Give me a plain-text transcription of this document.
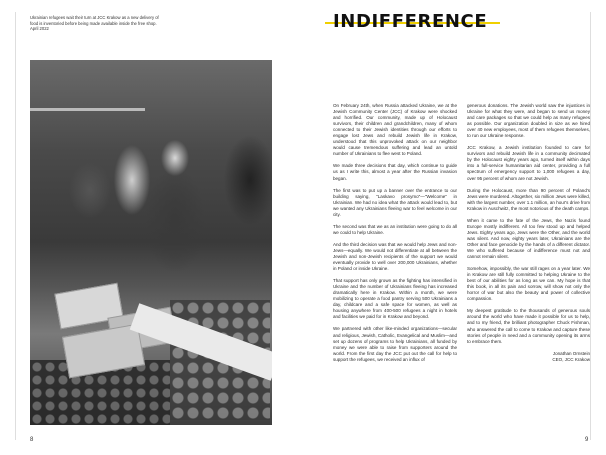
Ukrainian refugees wait their turn at JCC Krakow as a new delivery of food is inventoried before being made available inside the free shop. April 2022
8
INDIFFERENCE

On February 24th, when Russia attacked Ukraine, we at the Jewish Community Center (JCC) of Krakow were shocked and horrified. Our community, made up of Holocaust survivors, their children and grandchildren, many of whom connected to their Jewish identities through our efforts to engage lost Jews and rebuild Jewish life in Krakow, understood that this unprovoked attack on our neighbor would cause tremendous suffering and lead an untold number of Ukrainians to flee west to Poland.

We made three decisions that day, which continue to guide us as I write this, almost a year after the Russian invasion began.

The first was to put up a banner over the entrance to our building saying, "Laskavo prosymo"—"Welcome" in Ukrainian. We had no idea what the attack would lead to, but we wanted any Ukrainians fleeing war to feel welcome in our city.

The second was that we as an institution were going to do all we could to help Ukraine.

And the third decision was that we would help Jews and non-Jews—equally. We would not differentiate at all between the Jewish and non-Jewish recipients of the support we would eventually provide to well over 200,000 Ukrainians, whether in Poland or inside Ukraine.

That support has only grown as the fighting has intensified in Ukraine and the number of Ukrainians fleeing has increased dramatically here in Krakow. Within a month, we were mobilizing to operate a food pantry serving 500 Ukrainians a day, childcare and a safe space for women, as well as housing anywhere from 400-500 refugees a night in hotels and facilities we paid for in Krakow and beyond.

We partnered with other like-minded organizations—secular and religious, Jewish, Catholic, Evangelical and Muslim—and set up dozens of programs to help Ukrainians, all funded by money we were able to raise from supporters around the world. From the first day the JCC put out the call for help to support the refugees, we received an influx of

generous donations. The Jewish world saw the injustices in Ukraine for what they were, and began to send us money and care packages so that we could help as many refugees as possible. Our organization doubled in size as we hired over 40 new employees, most of them refugees themselves, to run our Ukraine response.

JCC Krakow, a Jewish institution founded to care for survivors and rebuild Jewish life in a community decimated by the Holocaust eighty years ago, turned itself within days into a full-service humanitarian aid center, providing a full spectrum of emergency support to 1,000 refugees a day, over 95 percent of whom are not Jewish.

During the Holocaust, more than 90 percent of Poland's Jews were murdered. Altogether, six million Jews were killed, with the largest number, over 1.1 million, an hour's drive from Krakow in Auschwitz, the most notorious of the death camps.

When it came to the fate of the Jews, the Nazis found Europe mostly indifferent. All too few stood up and helped Jews. Eighty years ago, Jews were the Other, and the world was silent. And now, eighty years later, Ukrainians are the Other and face genocide by the hands of a different dictator. We who suffered because of indifference must not and cannot remain silent.

Somehow, impossibly, the war still rages on a year later. We in Krakow are still fully committed to helping Ukraine to the best of our abilities for as long as we can. My hope is that this book, in all its pain and sorrow, will show not only the horror of war but also the beauty and power of collective compassion.

My deepest gratitude to the thousands of generous souls around the world who have made it possible for us to help, and to my friend, the brilliant photographer Chuck Fishman, who answered the call to come to Krakow and capture these stories of people in need and a community opening its arms to embrace them.

Jonathan Ornstein
CEO, JCC Krakow
9
